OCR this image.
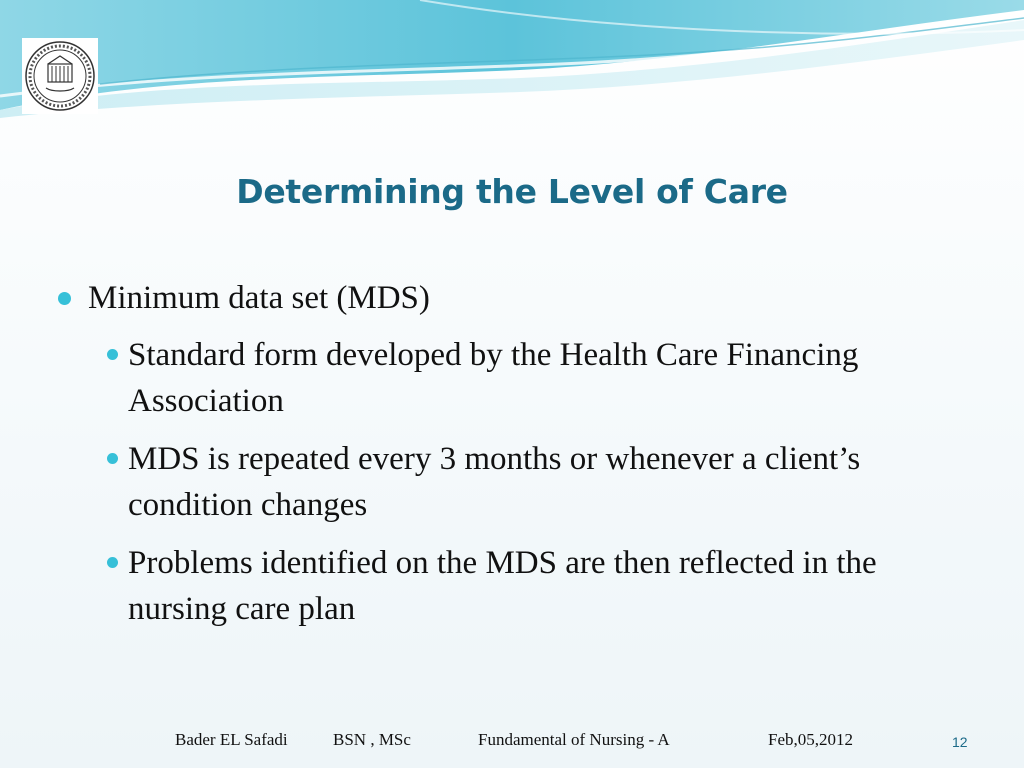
Determining the Level of Care
Minimum data set (MDS)
Standard form developed by the Health Care Financing Association
MDS is repeated every 3 months or whenever a client’s condition changes
Problems identified on the MDS are then reflected in the nursing care plan
Bader EL Safadi	BSN , MSc	Fundamental of Nursing - A	Feb,05,2012	12
